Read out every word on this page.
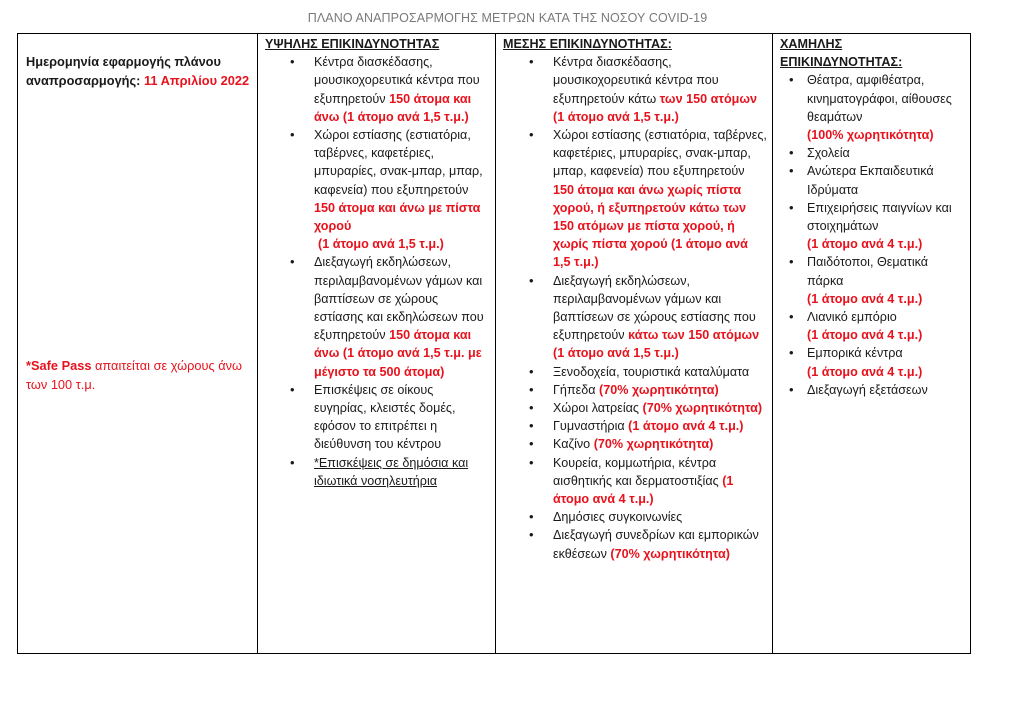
ΠΛΑΝΟ ΑΝΑΠΡΟΣΑΡΜΟΓΗΣ ΜΕΤΡΩΝ ΚΑΤΑ ΤΗΣ ΝΟΣΟΥ COVID-19
Ημερομηνία εφαρμογής πλάνου
αναπροσαρμογής: 11 Απριλίου 2022
*Safe Pass απαιτείται σε χώρους άνω των 100 τ.μ.
ΥΨΗΛΗΣ ΕΠΙΚΙΝΔΥΝΟΤΗΤΑΣ
• Κέντρα διασκέδασης, μουσικοχορευτικά κέντρα που εξυπηρετούν 150 άτομα και άνω (1 άτομο ανά 1,5 τ.μ.)
• Χώροι εστίασης (εστιατόρια, ταβέρνες, καφετέριες, μπυραρίες, σνακ-μπαρ, μπαρ, καφενεία) που εξυπηρετούν 150 άτομα και άνω με πίστα χορού
(1 άτομο ανά 1,5 τ.μ.)
• Διεξαγωγή εκδηλώσεων, περιλαμβανομένων γάμων και βαπτίσεων σε χώρους εστίασης και εκδηλώσεων που εξυπηρετούν 150 άτομα και άνω (1 άτομο ανά 1,5 τ.μ. με μέγιστο τα 500 άτομα)
• Επισκέψεις σε οίκους ευγηρίας, κλειστές δομές, εφόσον το επιτρέπει η διεύθυνση του κέντρου
• *Επισκέψεις σε δημόσια και ιδιωτικά νοσηλευτήρια
ΜΕΣΗΣ ΕΠΙΚΙΝΔΥΝΟΤΗΤΑΣ:
• Κέντρα διασκέδασης, μουσικοχορευτικά κέντρα που εξυπηρετούν κάτω των 150 ατόμων (1 άτομο ανά 1,5 τ.μ.)
• Χώροι εστίασης (εστιατόρια, ταβέρνες, καφετέριες, μπυραρίες, σνακ-μπαρ, μπαρ, καφενεία) που εξυπηρετούν 150 άτομα και άνω χωρίς πίστα χορού, ή εξυπηρετούν κάτω των 150 ατόμων με πίστα χορού, ή χωρίς πίστα χορού (1 άτομο ανά 1,5 τ.μ.)
• Διεξαγωγή εκδηλώσεων, περιλαμβανομένων γάμων και βαπτίσεων σε χώρους εστίασης που εξυπηρετούν κάτω των 150 ατόμων (1 άτομο ανά 1,5 τ.μ.)
• Ξενοδοχεία, τουριστικά καταλύματα
• Γήπεδα (70% χωρητικότητα)
• Χώροι λατρείας (70% χωρητικότητα)
• Γυμναστήρια (1 άτομο ανά 4 τ.μ.)
• Καζίνο (70% χωρητικότητα)
• Κουρεία, κομμωτήρια, κέντρα αισθητικής και δερματοστιξίας (1 άτομο ανά 4 τ.μ.)
• Δημόσιες συγκοινωνίες
• Διεξαγωγή συνεδρίων και εμπορικών εκθέσεων (70% χωρητικότητα)
ΧΑΜΗΛΗΣ
ΕΠΙΚΙΝΔΥΝΟΤΗΤΑΣ:
• Θέατρα, αμφιθέατρα, κινηματογράφοι, αίθουσες θεαμάτων
(100% χωρητικότητα)
• Σχολεία
• Ανώτερα Εκπαιδευτικά Ιδρύματα
• Επιχειρήσεις παιγνίων και στοιχημάτων
(1 άτομο ανά 4 τ.μ.)
• Παιδότοποι, Θεματικά πάρκα
(1 άτομο ανά 4 τ.μ.)
• Λιανικό εμπόριο
(1 άτομο ανά 4 τ.μ.)
• Εμπορικά κέντρα
(1 άτομο ανά 4 τ.μ.)
• Διεξαγωγή εξετάσεων
